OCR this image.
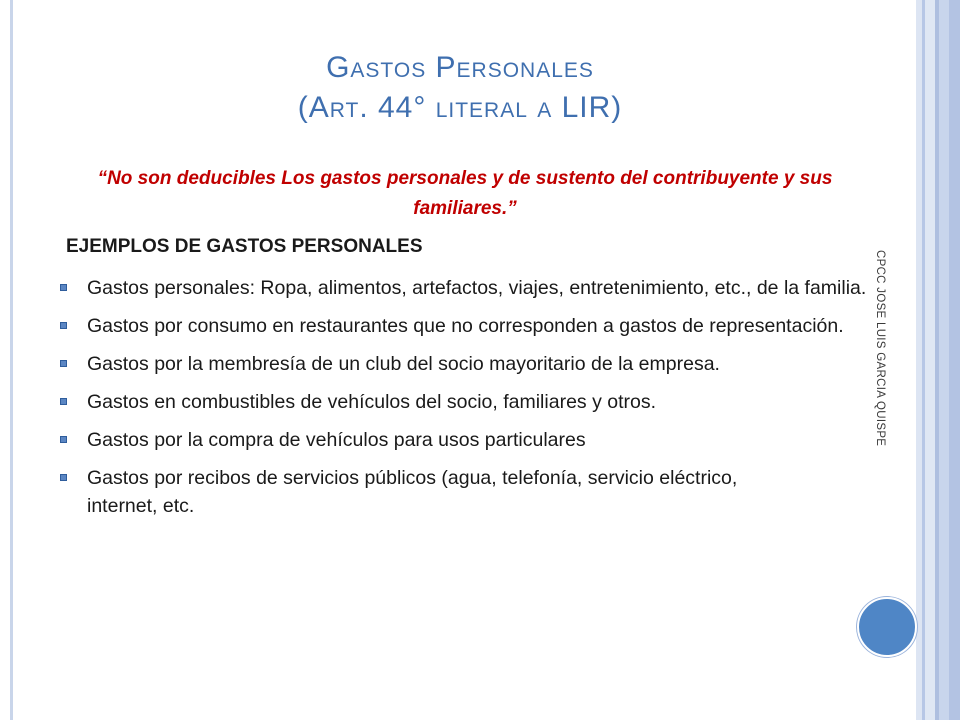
Gastos Personales
(Art. 44° literal a LIR)
“No son deducibles Los gastos personales y de sustento del contribuyente y sus familiares.”
EJEMPLOS DE GASTOS PERSONALES
Gastos personales: Ropa, alimentos, artefactos, viajes, entretenimiento, etc., de la familia.
Gastos por consumo en restaurantes que no corresponden a gastos de representación.
Gastos por la membresía de un club del socio mayoritario de la empresa.
Gastos en combustibles de vehículos del socio, familiares y otros.
Gastos por la compra de vehículos para usos particulares
Gastos por recibos de servicios públicos (agua, telefonía, servicio eléctrico, internet, etc.
CPCC JOSE LUIS GARCIA QUISPE
